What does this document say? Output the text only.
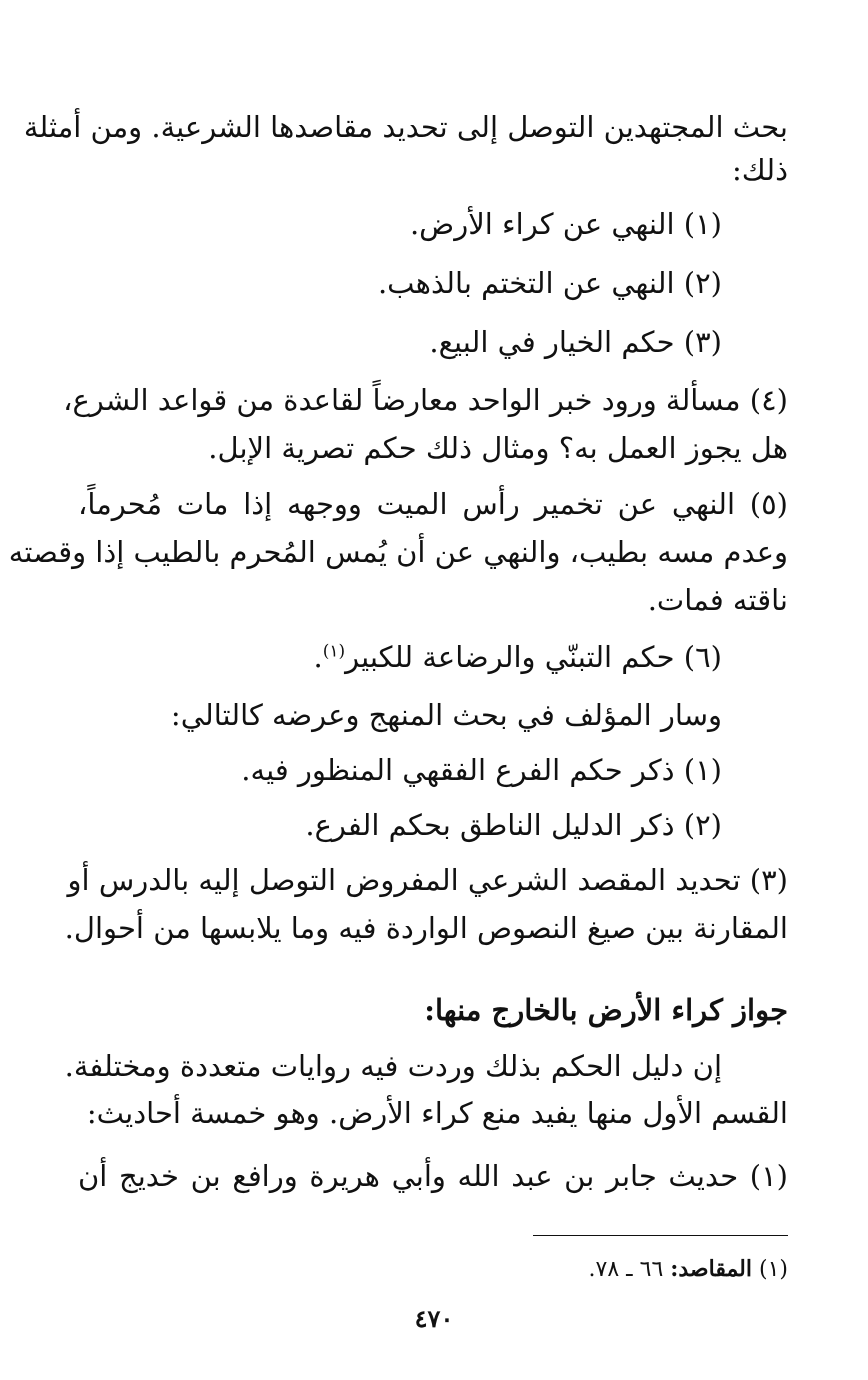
بحث المجتهدين التوصل إلى تحديد مقاصدها الشرعية. ومن أمثلة
ذلك:
(١) النهي عن كراء الأرض.
(٢) النهي عن التختم بالذهب.
(٣) حكم الخيار في البيع.
(٤) مسألة ورود خبر الواحد معارضاً لقاعدة من قواعد الشرع،
هل يجوز العمل به؟ ومثال ذلك حكم تصرية الإبل.
(٥) النهي عن تخمير رأس الميت ووجهه إذا مات مُحرماً،
وعدم مسه بطيب، والنهي عن أن يُمس المُحرم بالطيب إذا وقصته
ناقته فمات.
(٦) حكم التبنّي والرضاعة للكبير$^{(١)}$.
وسار المؤلف في بحث المنهج وعرضه كالتالي:
(١) ذكر حكم الفرع الفقهي المنظور فيه.
(٢) ذكر الدليل الناطق بحكم الفرع.
(٣) تحديد المقصد الشرعي المفروض التوصل إليه بالدرس أو
المقارنة بين صيغ النصوص الواردة فيه وما يلابسها من أحوال.
جواز كراء الأرض بالخارج منها:
إن دليل الحكم بذلك وردت فيه روايات متعددة ومختلفة.
القسم الأول منها يفيد منع كراء الأرض. وهو خمسة أحاديث:
(١) حديث جابر بن عبد الله وأبي هريرة ورافع بن خديج أن
(١) المقاصد: ٦٦ ـ ٧٨.
٤٧٠
